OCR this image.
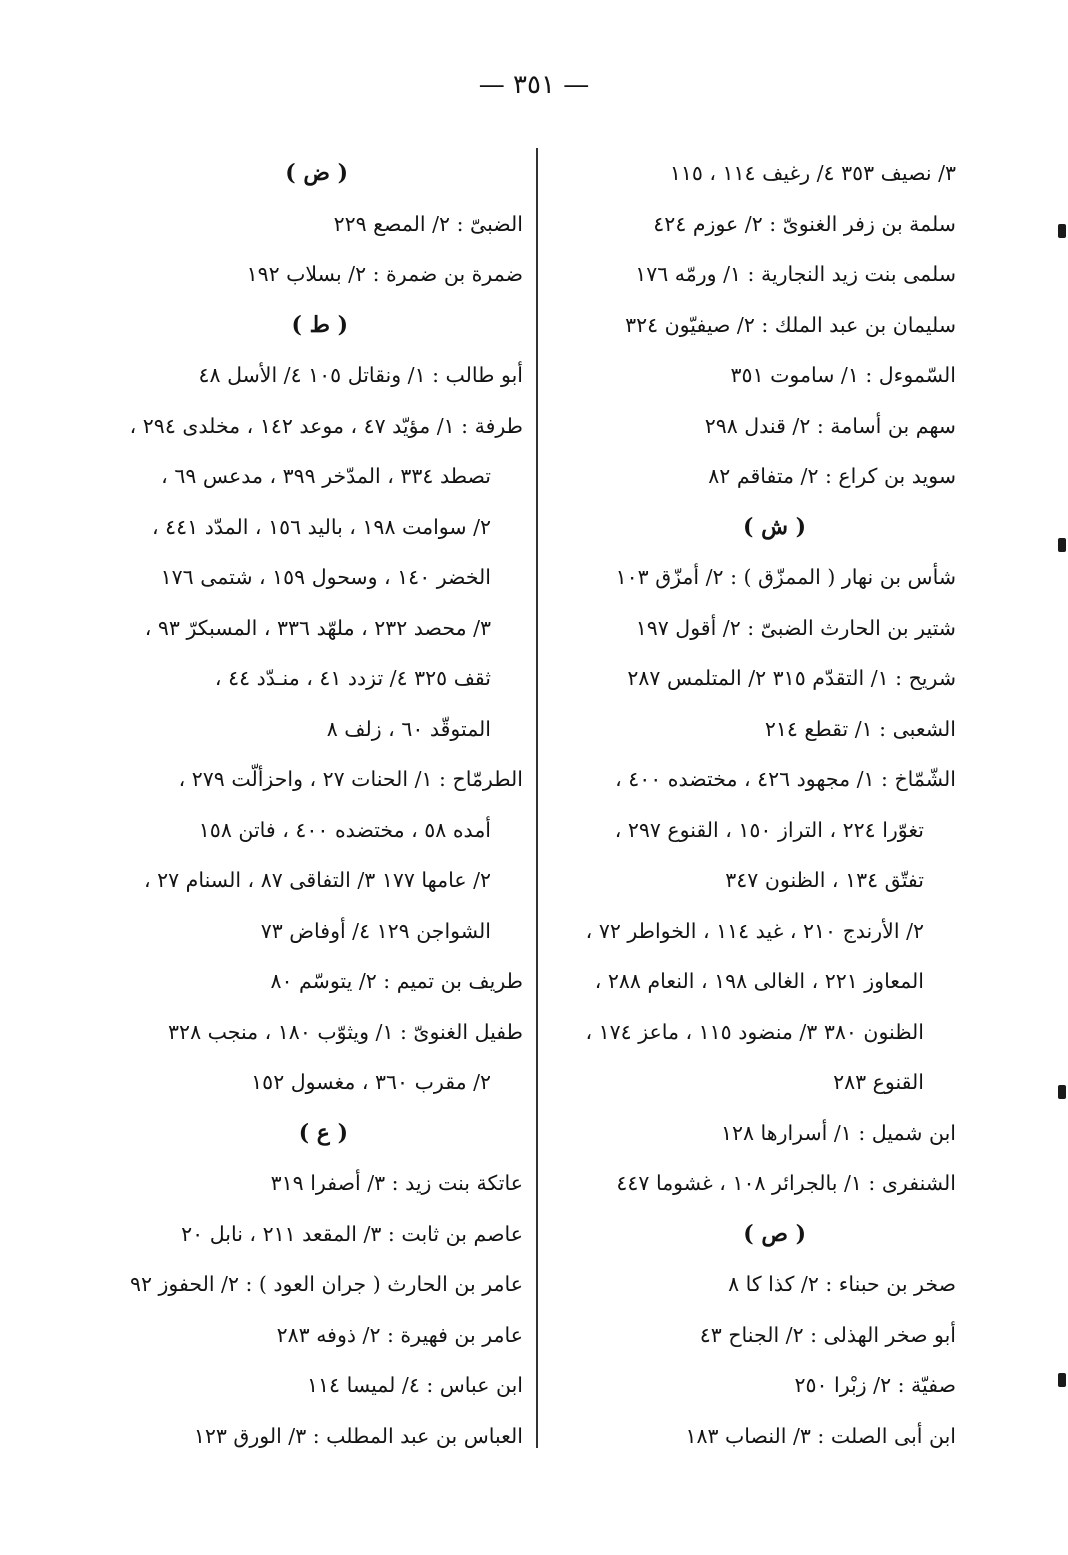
— ٣٥١ —
٣/ نصيف ٣٥٣ ٤/ رغيف ١١٤ ، ١١٥
سلمة بن زفر الغنوىّ : ٢/ عوزم ٤٢٤
سلمى بنت زيد النجارية : ١/ ورمّه ١٧٦
سليمان بن عبد الملك : ٢/ صيفيّون ٣٢٤
السّموءل : ١/ ساموت ٣٥١
سهم بن أسامة : ٢/ قندل ٢٩٨
سويد بن كراع : ٢/ متفاقم ٨٢
( ش )
شأس بن نهار ( الممزّق ) : ٢/ أمزّق ١٠٣
شتير بن الحارث الضبىّ : ٢/ أقول ١٩٧
شريح : ١/ التقدّم ٣١٥ ٢/ المتلمس ٢٨٧
الشعبى : ١/ تقطع ٢١٤
الشّمّاخ : ١/ مجهود ٤٢٦ ، مختضده ٤٠٠ ،
تغوّرا ٢٢٤ ، التراز ١٥٠ ، القنوع ٢٩٧ ،
تفتّق ١٣٤ ، الظنون ٣٤٧
٢/ الأرندج ٢١٠ ، غيد ١١٤ ، الخواطر ٧٢ ،
المعاوز ٢٢١ ، الغالى ١٩٨ ، النعام ٢٨٨ ،
الظنون ٣٨٠ ٣/ منضود ١١٥ ، ماعز ١٧٤ ،
القنوع ٢٨٣
ابن شميل : ١/ أسرارها ١٢٨
الشنفرى : ١/ بالجرائر ١٠٨ ، غشوما ٤٤٧
( ص )
صخر بن حبناء : ٢/ كذا كا ٨
أبو صخر الهذلى : ٢/ الجناح ٤٣
صفيّة : ٢/ زبْرا ٢٥٠
ابن أبى الصلت : ٣/ النصاب ١٨٣
( ض )
الضبىّ : ٢/ المصع ٢٢٩
ضمرة بن ضمرة : ٢/ بسلاب ١٩٢
( ط )
أبو طالب : ١/ ونقاتل ١٠٥ ٤/ الأسل ٤٨
طرفة : ١/ مؤيّد ٤٧ ، موعد ١٤٢ ، مخلدى ٢٩٤ ،
تصطد ٣٣٤ ، المدّخر ٣٩٩ ، مدعس ٦٩ ،
٢/ سوامت ١٩٨ ، باليد ١٥٦ ، المدّد ٤٤١ ،
الخضر ١٤٠ ، وسحول ١٥٩ ، شتمى ١٧٦
٣/ محصد ٢٣٢ ، ملهّد ٣٣٦ ، المسبكرّ ٩٣ ،
ثقف ٣٢٥ ٤/ تزدد ٤١ ، منـدّد ٤٤ ،
المتوقّد ٦٠ ، زلف ٨
الطرمّاح : ١/ الحنات ٢٧ ، واحزألّت ٢٧٩ ،
أمده ٥٨ ، مختضده ٤٠٠ ، فاتن ١٥٨
٢/ عامها ١٧٧ ٣/ التفاقى ٨٧ ، السنام ٢٧ ،
الشواجن ١٢٩ ٤/ أوفاض ٧٣
طريف بن تميم : ٢/ يتوسّم ٨٠
طفيل الغنوىّ : ١/ ويثوّب ١٨٠ ، منجب ٣٢٨
٢/ مقرب ٣٦٠ ، مغسول ١٥٢
( ع )
عاتكة بنت زيد : ٣/ أصفرا ٣١٩
عاصم بن ثابت : ٣/ المقعد ٢١١ ، نابل ٢٠
عامر بن الحارث ( جران العود ) : ٢/ الحفوز ٩٢
عامر بن فهيرة : ٢/ ذوفه ٢٨٣
ابن عباس : ٤/ لميسا ١١٤
العباس بن عبد المطلب : ٣/ الورق ١٢٣
